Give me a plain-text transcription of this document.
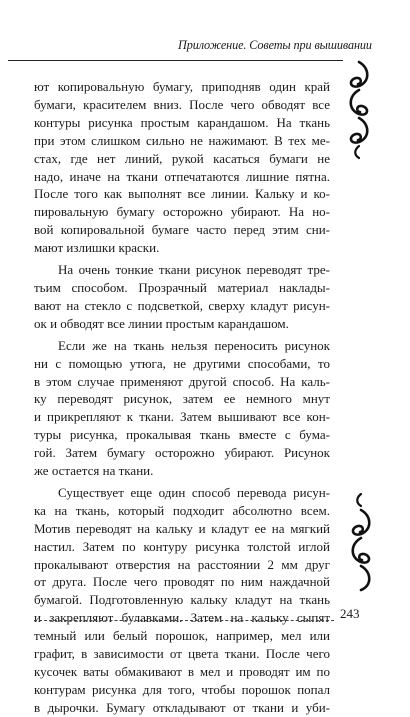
Приложение. Советы при вышивании

ют копировальную бумагу, приподняв один край
бумаги, красителем вниз. После чего обводят все
контуры рисунка простым карандашом. На ткань
при этом слишком сильно не нажимают. В тех ме-
стах, где нет линий, рукой касаться бумаги не
надо, иначе на ткани отпечатаются лишние пятна.
После того как выполнят все линии. Кальку и ко-
пировальную бумагу осторожно убирают. На но-
вой копировальной бумаге часто перед этим сни-
мают излишки краски.

На очень тонкие ткани рисунок переводят тре-
тьим способом. Прозрачный материал наклады-
вают на стекло с подсветкой, сверху кладут рисун-
ок и обводят все линии простым карандашом.

Если же на ткань нельзя переносить рисунок
ни с помощью утюга, не другими способами, то
в этом случае применяют другой способ. На каль-
ку переводят рисунок, затем ее немного мнут
и прикрепляют к ткани. Затем вышивают все кон-
туры рисунка, прокалывая ткань вместе с бума-
гой. Затем бумагу осторожно убирают. Рисунок
же остается на ткани.

Существует еще один способ перевода рисун-
ка на ткань, который подходит абсолютно всем.
Мотив переводят на кальку и кладут ее на мягкий
настил. Затем по контуру рисунка толстой иглой
прокалывают отверстия на расстоянии 2 мм друг
от друга. После чего проводят по ним наждачной
бумагой. Подготовленную кальку кладут на ткань
и закрепляют булавками. Затем на кальку сыпят
темный или белый порошок, например, мел или
графит, в зависимости от цвета ткани. После чего
кусочек ваты обмакивают в мел и проводят им по
контурам рисунка для того, чтобы порошок попал
в дырочки. Бумагу откладывают от ткани и уби-

243
